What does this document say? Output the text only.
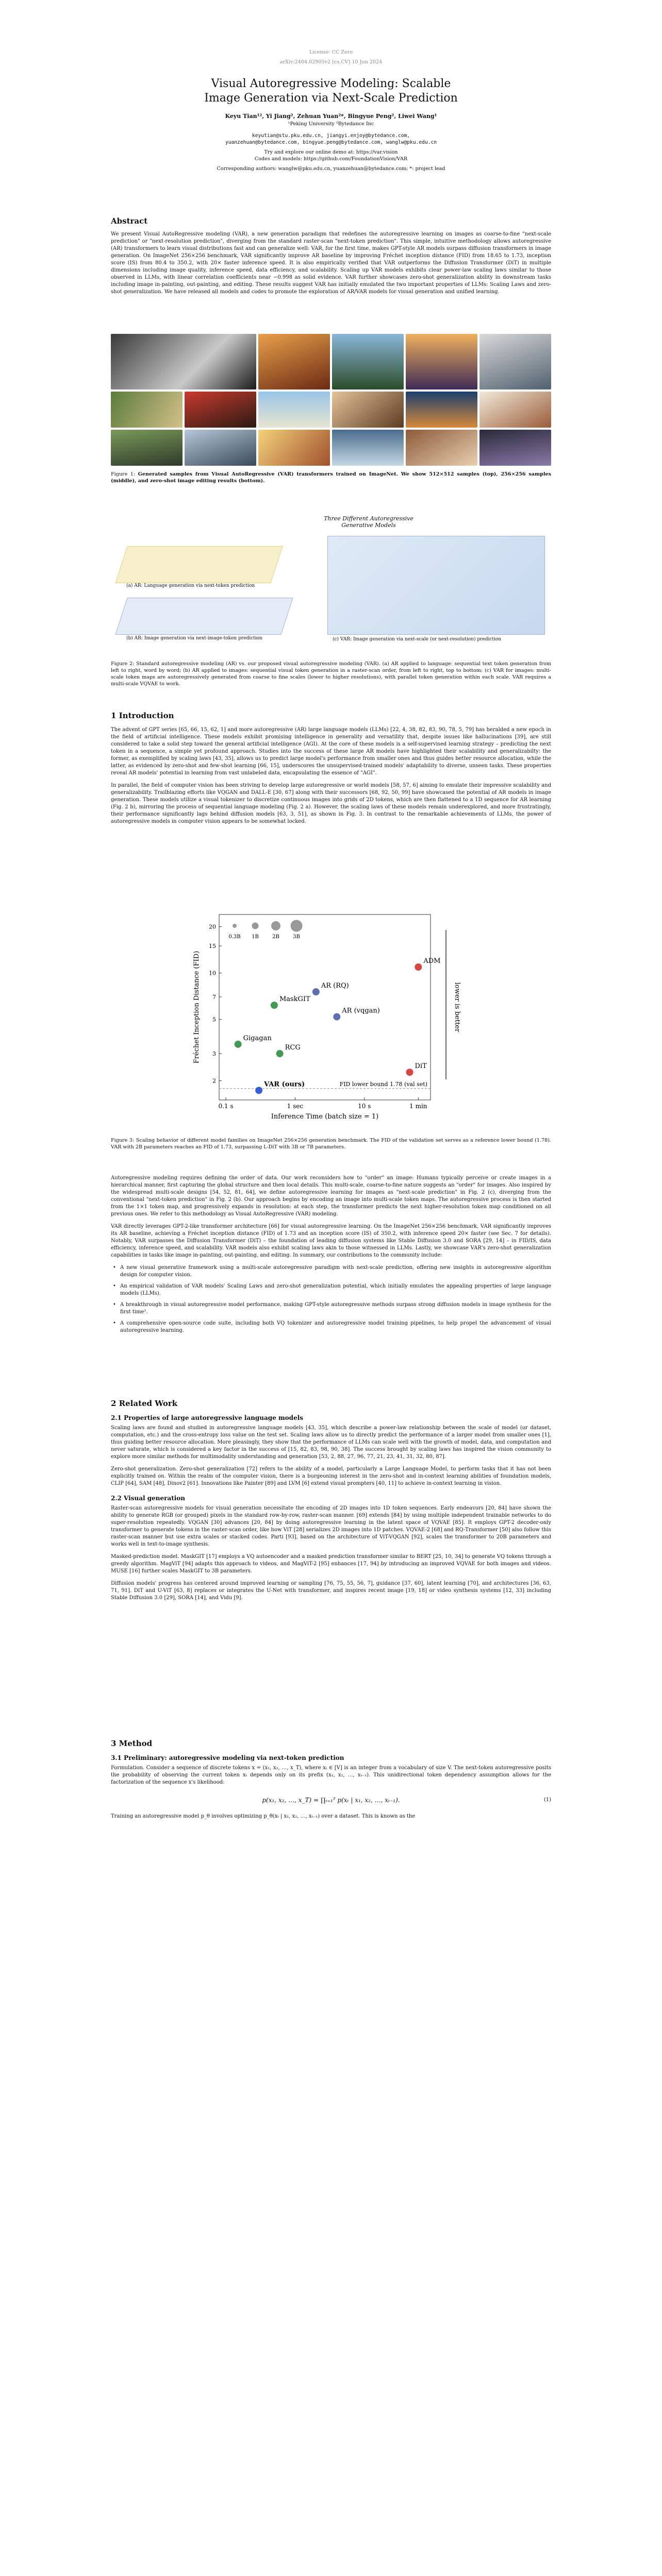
License: CC Zero
arXiv:2404.02905v2 [cs.CV] 10 Jun 2024
Visual Autoregressive Modeling: Scalable
Image Generation via Next-Scale Prediction
Keyu Tian¹², Yi Jiang², Zehuan Yuan²*, Bingyue Peng², Liwei Wang¹
¹Peking University ²Bytedance Inc
keyutian@stu.pku.edu.cn, jiangyi.enjoy@bytedance.com,
yuanzehuan@bytedance.com, bingyue.peng@bytedance.com, wanglw@pku.edu.cn
Try and explore our online demo at: https://var.vision
Codes and models: https://github.com/FoundationVision/VAR
Corresponding authors: wanglw@pku.edu.cn, yuanzehuan@bytedance.com; *: project lead
Abstract

We present Visual AutoRegressive modeling (VAR), a new generation paradigm that redefines the autoregressive learning on images as coarse-to-fine "next-scale prediction" or "next-resolution prediction", diverging from the standard raster-scan "next-token prediction". This simple, intuitive methodology allows autoregressive (AR) transformers to learn visual distributions fast and can generalize well: VAR, for the first time, makes GPT-style AR models surpass diffusion transformers in image generation. On ImageNet 256×256 benchmark, VAR significantly improve AR baseline by improving Fréchet inception distance (FID) from 18.65 to 1.73, inception score (IS) from 80.4 to 350.2, with 20× faster inference speed. It is also empirically verified that VAR outperforms the Diffusion Transformer (DiT) in multiple dimensions including image quality, inference speed, data efficiency, and scalability. Scaling up VAR models exhibits clear power-law scaling laws similar to those observed in LLMs, with linear correlation coefficients near −0.998 as solid evidence. VAR further showcases zero-shot generalization ability in downstream tasks including image in-painting, out-painting, and editing. These results suggest VAR has initially emulated the two important properties of LLMs: Scaling Laws and zero-shot generalization. We have released all models and codes to promote the exploration of AR/VAR models for visual generation and unified learning.

Figure 1: Generated samples from Visual AutoRegressive (VAR) transformers trained on ImageNet. We show 512×512 samples (top), 256×256 samples (middle), and zero-shot image editing results (bottom).

Three Different Autoregressive Generative Models
(a) AR: Language generation via next-token prediction
(b) AR: Image generation via next-image-token prediction	(c) VAR: Image generation via next-scale (or next-resolution) prediction

Figure 2: Standard autoregressive modeling (AR) vs. our proposed visual autoregressive modeling (VAR). (a) AR applied to language: sequential text token generation from left to right, word by word; (b) AR applied to images: sequential visual token generation in a raster-scan order, from left to right, top to bottom; (c) VAR for images: multi-scale token maps are autoregressively generated from coarse to fine scales (lower to higher resolutions), with parallel token generation within each scale. VAR requires a multi-scale VQVAE to work.

1 Introduction

The advent of GPT series [65, 66, 15, 62, 1] and more autoregressive (AR) large language models (LLMs) [22, 4, 38, 82, 83, 90, 78, 5, 79] has heralded a new epoch in the field of artificial intelligence. These models exhibit promising intelligence in generality and versatility that, despite issues like hallucinations [39], are still considered to take a solid step toward the general artificial intelligence (AGI). At the core of these models is a self-supervised learning strategy – predicting the next token in a sequence, a simple yet profound approach. Studies into the success of these large AR models have highlighted their scalability and generalizabilty: the former, as exemplified by scaling laws [43, 35], allows us to predict large model's performance from smaller ones and thus guides better resource allocation, while the latter, as evidenced by zero-shot and few-shot learning [66, 15], underscores the unsupervised-trained models' adaptability to diverse, unseen tasks. These properties reveal AR models' potential in learning from vast unlabeled data, encapsulating the essence of "AGI".

In parallel, the field of computer vision has been striving to develop large autoregressive or world models [58, 57, 6] aiming to emulate their impressive scalability and generalizability. Trailblazing efforts like VQGAN and DALL-E [30, 67] along with their successors [68, 92, 50, 99] have showcased the potential of AR models in image generation. These models utilize a visual tokenizer to discretize continuous images into grids of 2D tokens, which are then flattened to a 1D sequence for AR learning (Fig. 2 b), mirroring the process of sequential language modeling (Fig. 2 a). However, the scaling laws of these models remain underexplored, and more frustratingly, their performance significantly lags behind diffusion models [63, 3, 51], as shown in Fig. 3. In contrast to the remarkable achievements of LLMs, the power of autoregressive models in computer vision appears to be somewhat locked.

2
3
5
7
10
15
20
0.1 s	1 sec	10 s	1 min
Inference Time (batch size = 1)
Fréchet Inception Distance (FID)
FID lower bound 1.78 (val set)
0.3B 1B	2B	3B
lower is better
VAR (ours)
MaskGIT
AR (RQ)
AR (vqgan)
Gigagan
RCG
DiT
ADM

Figure 3: Scaling behavior of different model families on ImageNet 256×256 generation benchmark. The FID of the validation set serves as a reference lower bound (1.78). VAR with 2B parameters reaches an FID of 1.73, surpassing L-DiT with 3B or 7B parameters.

Autoregressive modeling requires defining the order of data. Our work reconsiders how to "order" an image: Humans typically perceive or create images in a hierarchical manner, first capturing the global structure and then local details. This multi-scale, coarse-to-fine nature suggests an "order" for images. Also inspired by the widespread multi-scale designs [54, 52, 81, 64], we define autoregressive learning for images as "next-scale prediction" in Fig. 2 (c), diverging from the conventional "next-token prediction" in Fig. 2 (b). Our approach begins by encoding an image into multi-scale token maps. The autoregressive process is then started from the 1×1 token map, and progressively expands in resolution: at each step, the transformer predicts the next higher-resolution token map conditioned on all previous ones. We refer to this methodology as Visual AutoRegressive (VAR) modeling.

VAR directly leverages GPT-2-like transformer architecture [66] for visual autoregressive learning. On the ImageNet 256×256 benchmark, VAR significantly improves its AR baseline, achieving a Fréchet inception distance (FID) of 1.73 and an inception score (IS) of 350.2, with inference speed 20× faster (see Sec. 7 for details). Notably, VAR surpasses the Diffusion Transformer (DiT) – the foundation of leading diffusion systems like Stable Diffusion 3.0 and SORA [29, 14] – in FID/IS, data efficiency, inference speed, and scalability. VAR models also exhibit scaling laws akin to those witnessed in LLMs. Lastly, we showcase VAR's zero-shot generalization capabilities in tasks like image in-painting, out-painting, and editing. In summary, our contributions to the community include:

• A new visual generative framework using a multi-scale autoregressive paradigm with next-scale prediction, offering new insights in autoregressive algorithm design for computer vision.

• An empirical validation of VAR models' Scaling Laws and zero-shot generalization potential, which initially emulates the appealing properties of large language models (LLMs).

• A breakthrough in visual autoregressive model performance, making GPT-style autoregressive methods surpass strong diffusion models in image synthesis for the first time¹.

• A comprehensive open-source code suite, including both VQ tokenizer and autoregressive model training pipelines, to help propel the advancement of visual autoregressive learning.

2 Related Work
2.1 Properties of large autoregressive language models

Scaling laws are found and studied in autoregressive language models [43, 35], which describe a power-law relationship between the scale of model (or dataset, computation, etc.) and the cross-entropy loss value on the test set. Scaling laws allow us to directly predict the performance of a larger model from smaller ones [1], thus guiding better resource allocation. More pleasingly, they show that the performance of LLMs can scale well with the growth of model, data, and computation and never saturate, which is considered a key factor in the success of [15, 82, 83, 98, 90, 38]. The success brought by scaling laws has inspired the vision community to explore more similar methods for multimodality understanding and generation [53, 2, 88, 27, 96, 77, 21, 23, 41, 31, 32, 80, 87].

Zero-shot generalization. Zero-shot generalization [72] refers to the ability of a model, particularly a Large Language Model, to perform tasks that it has not been explicitly trained on. Within the realm of the computer vision, there is a burgeoning interest in the zero-shot and in-context learning abilities of foundation models, CLIP [64], SAM [48], Dinov2 [61]. Innovations like Painter [89] and LVM [6] extend visual prompters [40, 11] to achieve in-context learning in vision.

2.2 Visual generation

Raster-scan autoregressive models for visual generation necessitate the encoding of 2D images into 1D token sequences. Early endeavors [20, 84] have shown the ability to generate RGB (or grouped) pixels in the standard row-by-row, raster-scan manner. [69] extends [84] by using multiple independent trainable networks to do super-resolution repeatedly. VQGAN [30] advances [20, 84] by doing autoregressive learning in the latent space of VQVAE [85]. It employs GPT-2 decoder-only transformer to generate tokens in the raster-scan order, like how ViT [28] serializes 2D images into 1D patches. VQVAE-2 [68] and RQ-Transformer [50] also follow this raster-scan manner but use extra scales or stacked codes. Parti [93], based on the architecture of ViT-VQGAN [92], scales the transformer to 20B parameters and works well in text-to-image synthesis.

Masked-prediction model. MaskGIT [17] employs a VQ autoencoder and a masked prediction transformer similar to BERT [25, 10, 34] to generate VQ tokens through a greedy algorithm. MagViT [94] adapts this approach to videos, and MagViT-2 [95] enhances [17, 94] by introducing an improved VQVAE for both images and videos. MUSE [16] further scales MaskGIT to 3B parameters.

Diffusion models' progress has centered around improved learning or sampling [76, 75, 55, 56, 7], guidance [37, 60], latent learning [70], and architectures [36, 63, 71, 91]. DiT and U-ViT [63, 8] replaces or integrates the U-Net with transformer, and inspires recent image [19, 18] or video synthesis systems [12, 33] including Stable Diffusion 3.0 [29], SORA [14], and Vidu [9].

3 Method
3.1 Preliminary: autoregressive modeling via next-token prediction

Formulation. Consider a sequence of discrete tokens x = (x₁, x₂, …, x_T), where xₜ ∈ [V] is an integer from a vocabulary of size V. The next-token autoregressive posits the probability of observing the current token xₜ depends only on its prefix (x₁, x₂, …, xₜ₋₁). This unidirectional token dependency assumption allows for the factorization of the sequence x's likelihood:

p(x₁, x₂, …, x_T) = ∏ₜ₌₁ᵀ p(xₜ | x₁, x₂, …, xₜ₋₁).	(1)

Training an autoregressive model p_θ involves optimizing p_θ(xₜ | x₁, x₂, …, xₜ₋₁) over a dataset. This is known as the
